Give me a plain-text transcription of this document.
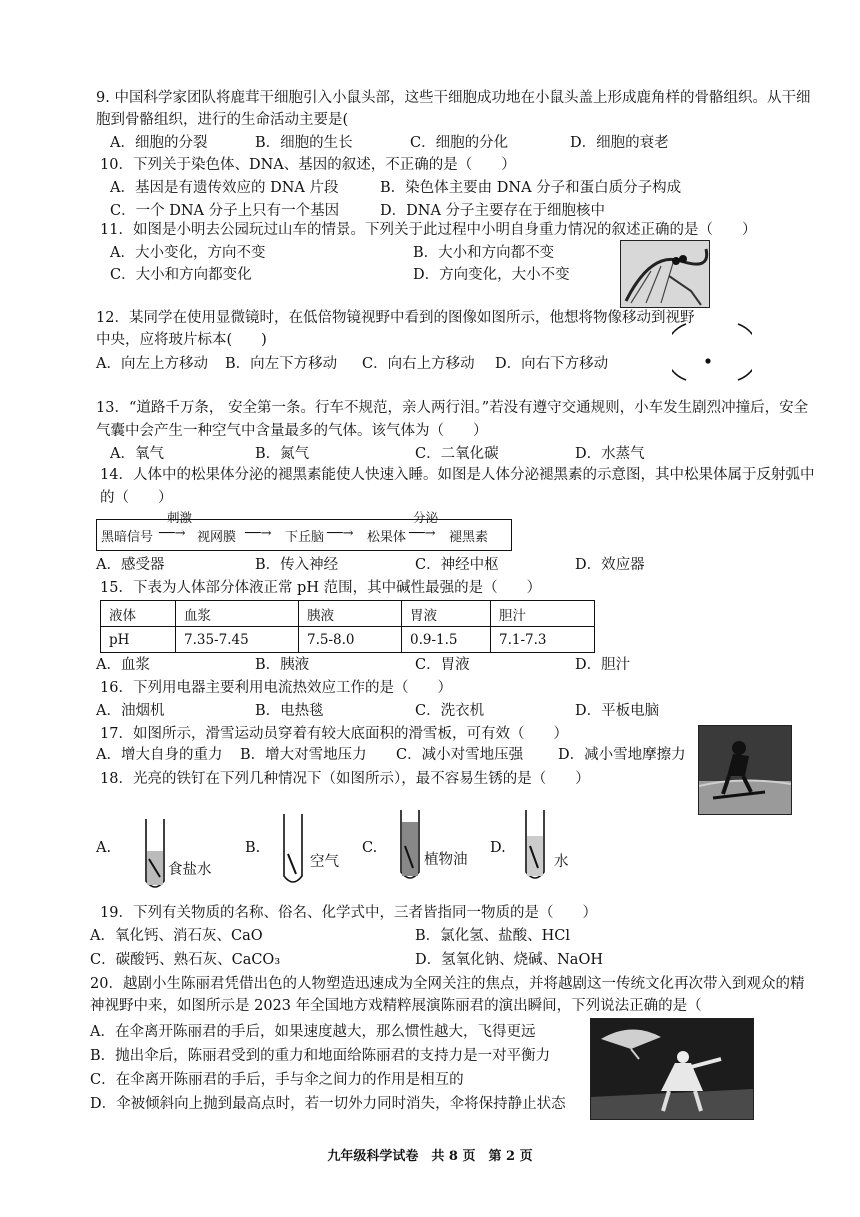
9. 中国科学家团队将鹿茸干细胞引入小鼠头部，这些干细胞成功地在小鼠头盖上形成鹿角样的骨骼组织。从干细
胞到骨骼组织，进行的生命活动主要是(
A．细胞的分裂	B．细胞的生长	C．细胞的分化	D．细胞的衰老
10．下列关于染色体、DNA、基因的叙述，不正确的是（　　）
A．基因是有遗传效应的 DNA 片段	B．染色体主要由 DNA 分子和蛋白质分子构成
C．一个 DNA 分子上只有一个基因	D．DNA 分子主要存在于细胞核中
11．如图是小明去公园玩过山车的情景。下列关于此过程中小明自身重力情况的叙述正确的是（　　）
A．大小变化，方向不变	B．大小和方向都不变
C．大小和方向都变化	D．方向变化，大小不变
12．某同学在使用显微镜时，在低倍物镜视野中看到的图像如图所示，他想将物像移动到视野
中央，应将玻片标本(　　)
A．向左上方移动 B．向左下方移动 C．向右上方移动 D．向右下方移动
13．“道路千万条， 安全第一条。行车不规范，亲人两行泪。”若没有遵守交通规则，小车发生剧烈冲撞后，安全
气囊中会产生一种空气中含量最多的气体。该气体为（　　）
A．氧气	B．氮气	C．二氧化碳	D．水蒸气
14．人体中的松果体分泌的褪黑素能使人快速入睡。如图是人体分泌褪黑素的示意图，其中松果体属于反射弧中
的（　　）
黑暗信号
刺激
──→ 视网膜 ──→ 下丘脑 ──→ 松果体
分泌
──→ 褪黑素
A．感受器	B．传入神经	C．神经中枢	D．效应器
15．下表为人体部分体液正常 pH 范围，其中碱性最强的是（　　）
液体	血浆	胰液	胃液	胆汁
pH	7.35-7.45	7.5-8.0	0.9-1.5	7.1-7.3
A．血浆	B．胰液	C．胃液	D．胆汁
16．下列用电器主要利用电流热效应工作的是（　　）
A．油烟机	B．电热毯	C．洗衣机	D．平板电脑
17．如图所示，滑雪运动员穿着有较大底面积的滑雪板，可有效（　　）
A．增大自身的重力 B．增大对雪地压力 C．减小对雪地压强 D．减小雪地摩擦力
18．光亮的铁钉在下列几种情况下（如图所示），最不容易生锈的是（　　）
A.
食盐水
B.
空气
C.
植物油
D.
水
19．下列有关物质的名称、俗名、化学式中，三者皆指同一物质的是（　　）
A．氧化钙、消石灰、CaO	B．氯化氢、盐酸、HCl
C．碳酸钙、熟石灰、CaCO₃	D．氢氧化钠、烧碱、NaOH
20．越剧小生陈丽君凭借出色的人物塑造迅速成为全网关注的焦点，并将越剧这一传统文化再次带入到观众的精
神视野中来，如图所示是 2023 年全国地方戏精粹展演陈丽君的演出瞬间，下列说法正确的是（
A．在伞离开陈丽君的手后，如果速度越大，那么惯性越大，飞得更远
B．抛出伞后，陈丽君受到的重力和地面给陈丽君的支持力是一对平衡力
C．在伞离开陈丽君的手后，手与伞之间力的作用是相互的
D．伞被倾斜向上抛到最高点时，若一切外力同时消失，伞将保持静止状态
九年级科学试卷　共 8 页　第 2 页
